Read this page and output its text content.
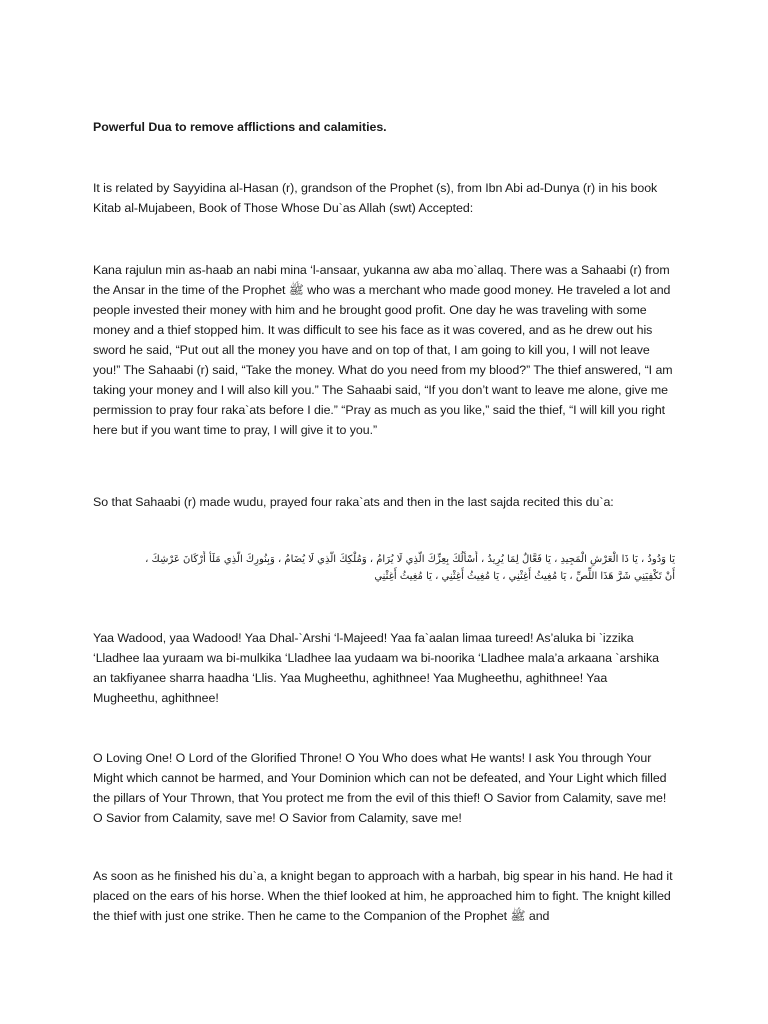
Powerful Dua to remove afflictions and calamities.

It is related by Sayyidina al-Hasan (r), grandson of the Prophet (s), from Ibn Abi ad-Dunya (r) in his book Kitab al-Mujabeen, Book of Those Whose Du`as Allah (swt) Accepted:

Kana rajulun min as-haab an nabi mina ‘l-ansaar, yukanna aw aba mo`allaq. There was a Sahaabi (r) from the Ansar in the time of the Prophet ﷺ who was a merchant who made good money. He traveled a lot and people invested their money with him and he brought good profit. One day he was traveling with some money and a thief stopped him. It was difficult to see his face as it was covered, and as he drew out his sword he said, “Put out all the money you have and on top of that, I am going to kill you, I will not leave you!” The Sahaabi (r) said, “Take the money. What do you need from my blood?” The thief answered, “I am taking your money and I will also kill you.” The Sahaabi said, “If you don’t want to leave me alone, give me permission to pray four raka`ats before I die.” “Pray as much as you like,” said the thief, “I will kill you right here but if you want time to pray, I will give it to you.”

So that Sahaabi (r) made wudu, prayed four raka`ats and then in the last sajda recited this du`a:

يَا وَدُودُ ، يَا ذَا الْعَرْشِ الْمَجِيدِ ، يَا فَعَّالٌ لِمَا يُرِيدُ ، أَسْأَلُكَ بِعِزِّكَ الَّذِي لَا يُرَامُ ، وَمُلْكِكَ الَّذِي لَا يُضَامُ ، وَبِنُورِكَ الَّذِي مَلَأَ أَرْكَانَ عَرْشِكَ ،
أَنْ تَكْفِيَنِي شَرَّ هَذَا اللِّصِّ ، يَا مُغِيثُ أَغِثْنِي ، يَا مُغِيثُ أَغِثْنِي ، يَا مُغِيثُ أَغِثْنِي

Yaa Wadood, yaa Wadood! Yaa Dhal-`Arshi ‘l-Majeed! Yaa fa`aalan limaa tureed! As’aluka bi `izzika ‘Lladhee laa yuraam wa bi-mulkika ‘Lladhee laa yudaam wa bi-noorika ‘Lladhee mala’a arkaana `arshika an takfiyanee sharra haadha ‘Llis. Yaa Mugheethu, aghithnee! Yaa Mugheethu, aghithnee! Yaa Mugheethu, aghithnee!

O Loving One! O Lord of the Glorified Throne! O You Who does what He wants! I ask You through Your Might which cannot be harmed, and Your Dominion which can not be defeated, and Your Light which filled the pillars of Your Thrown, that You protect me from the evil of this thief! O Savior from Calamity, save me! O Savior from Calamity, save me! O Savior from Calamity, save me!

As soon as he finished his du`a, a knight began to approach with a harbah, big spear in his hand. He had it placed on the ears of his horse. When the thief looked at him, he approached him to fight. The knight killed the thief with just one strike. Then he came to the Companion of the Prophet ﷺ and
